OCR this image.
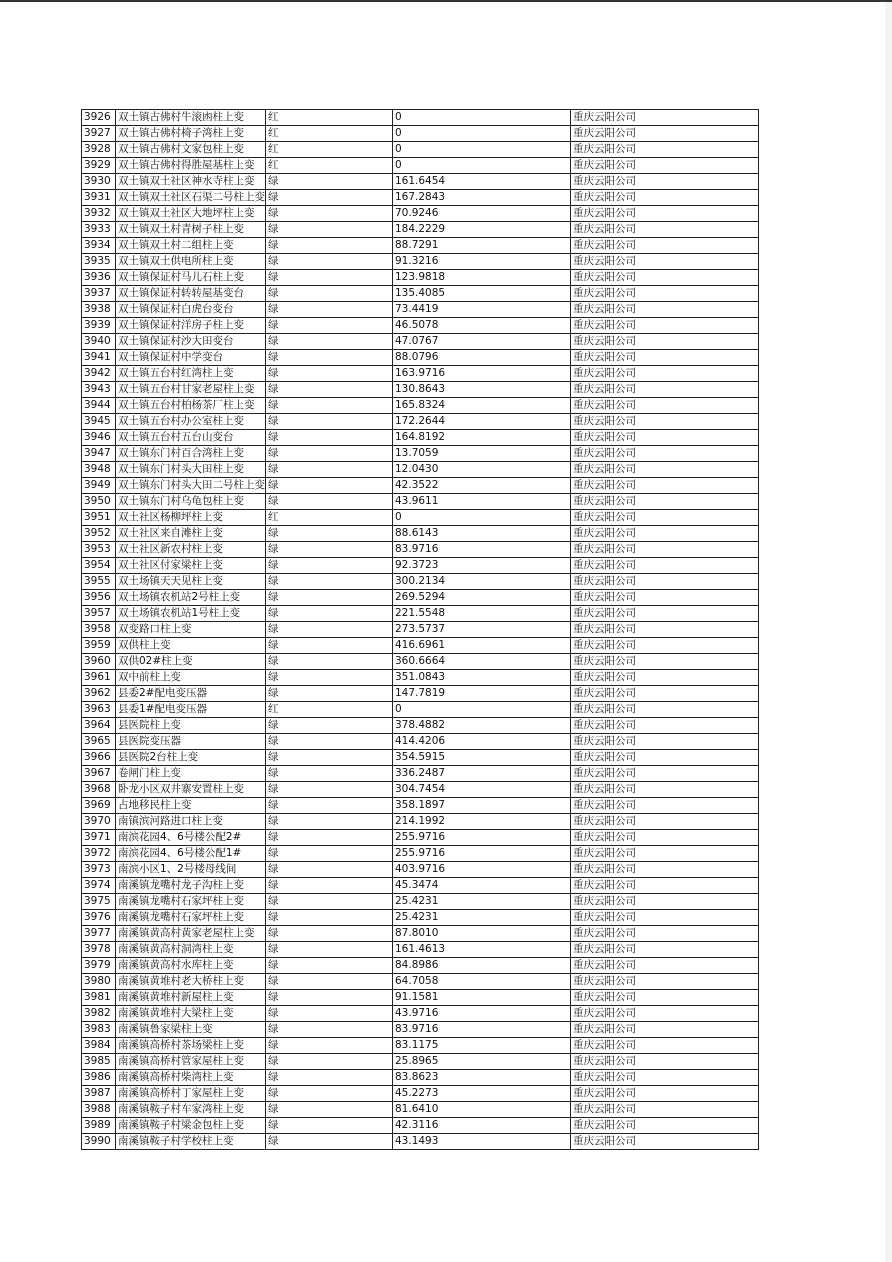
3926	双土镇古佛村牛滚凼柱上变	红	0	重庆云阳公司
3927	双土镇古佛村椅子湾柱上变	红	0	重庆云阳公司
3928	双土镇古佛村文家包柱上变	红	0	重庆云阳公司
3929	双土镇古佛村得胜屋基柱上变	红	0	重庆云阳公司
3930	双土镇双土社区神水寺柱上变	绿	161.6454	重庆云阳公司
3931	双土镇双土社区石渠二号柱上变	绿	167.2843	重庆云阳公司
3932	双土镇双土社区大地坪柱上变	绿	70.9246	重庆云阳公司
3933	双土镇双土村青树子柱上变	绿	184.2229	重庆云阳公司
3934	双土镇双土村二组柱上变	绿	88.7291	重庆云阳公司
3935	双土镇双土供电所柱上变	绿	91.3216	重庆云阳公司
3936	双土镇保证村马儿石柱上变	绿	123.9818	重庆云阳公司
3937	双土镇保证村转转屋基变台	绿	135.4085	重庆云阳公司
3938	双土镇保证村白虎台变台	绿	73.4419	重庆云阳公司
3939	双土镇保证村洋房子柱上变	绿	46.5078	重庆云阳公司
3940	双土镇保证村沙大田变台	绿	47.0767	重庆云阳公司
3941	双土镇保证村中学变台	绿	88.0796	重庆云阳公司
3942	双土镇五台村红湾柱上变	绿	163.9716	重庆云阳公司
3943	双土镇五台村甘家老屋柱上变	绿	130.8643	重庆云阳公司
3944	双土镇五台村柏杨茶厂柱上变	绿	165.8324	重庆云阳公司
3945	双土镇五台村办公室柱上变	绿	172.2644	重庆云阳公司
3946	双土镇五台村五台山变台	绿	164.8192	重庆云阳公司
3947	双土镇东门村百合湾柱上变	绿	13.7059	重庆云阳公司
3948	双土镇东门村头大田柱上变	绿	12.0430	重庆云阳公司
3949	双土镇东门村头大田二号柱上变	绿	42.3522	重庆云阳公司
3950	双土镇东门村乌龟包柱上变	绿	43.9611	重庆云阳公司
3951	双土社区杨柳坪柱上变	红	0	重庆云阳公司
3952	双土社区来自滩柱上变	绿	88.6143	重庆云阳公司
3953	双土社区新农村柱上变	绿	83.9716	重庆云阳公司
3954	双土社区付家梁柱上变	绿	92.3723	重庆云阳公司
3955	双土场镇天天见柱上变	绿	300.2134	重庆云阳公司
3956	双土场镇农机站2号柱上变	绿	269.5294	重庆云阳公司
3957	双土场镇农机站1号柱上变	绿	221.5548	重庆云阳公司
3958	双变路口柱上变	绿	273.5737	重庆云阳公司
3959	双供柱上变	绿	416.6961	重庆云阳公司
3960	双供02#柱上变	绿	360.6664	重庆云阳公司
3961	双中前柱上变	绿	351.0843	重庆云阳公司
3962	县委2#配电变压器	绿	147.7819	重庆云阳公司
3963	县委1#配电变压器	红	0	重庆云阳公司
3964	县医院柱上变	绿	378.4882	重庆云阳公司
3965	县医院变压器	绿	414.4206	重庆云阳公司
3966	县医院2台柱上变	绿	354.5915	重庆云阳公司
3967	卷闸门柱上变	绿	336.2487	重庆云阳公司
3968	卧龙小区双井寨安置柱上变	绿	304.7454	重庆云阳公司
3969	占地移民柱上变	绿	358.1897	重庆云阳公司
3970	南镇滨河路进口柱上变	绿	214.1992	重庆云阳公司
3971	南滨花园4、6号楼公配2#	绿	255.9716	重庆云阳公司
3972	南滨花园4、6号楼公配1#	绿	255.9716	重庆云阳公司
3973	南滨小区1、2号楼母线间	绿	403.9716	重庆云阳公司
3974	南溪镇龙嘴村龙子沟柱上变	绿	45.3474	重庆云阳公司
3975	南溪镇龙嘴村石家坪柱上变	绿	25.4231	重庆云阳公司
3976	南溪镇龙嘴村石家坪柱上变	绿	25.4231	重庆云阳公司
3977	南溪镇黄高村黄家老屋柱上变	绿	87.8010	重庆云阳公司
3978	南溪镇黄高村洞湾柱上变	绿	161.4613	重庆云阳公司
3979	南溪镇黄高村水库柱上变	绿	84.8986	重庆云阳公司
3980	南溪镇黄堆村老大桥柱上变	绿	64.7058	重庆云阳公司
3981	南溪镇黄堆村新屋柱上变	绿	91.1581	重庆云阳公司
3982	南溪镇黄堆村大梁柱上变	绿	43.9716	重庆云阳公司
3983	南溪镇鲁家梁柱上变	绿	83.9716	重庆云阳公司
3984	南溪镇高桥村茶场梁柱上变	绿	83.1175	重庆云阳公司
3985	南溪镇高桥村管家屋柱上变	绿	25.8965	重庆云阳公司
3986	南溪镇高桥村柴湾柱上变	绿	83.8623	重庆云阳公司
3987	南溪镇高桥村丁家屋柱上变	绿	45.2273	重庆云阳公司
3988	南溪镇鞍子村车家湾柱上变	绿	81.6410	重庆云阳公司
3989	南溪镇鞍子村梁金包柱上变	绿	42.3116	重庆云阳公司
3990	南溪镇鞍子村学校柱上变	绿	43.1493	重庆云阳公司
